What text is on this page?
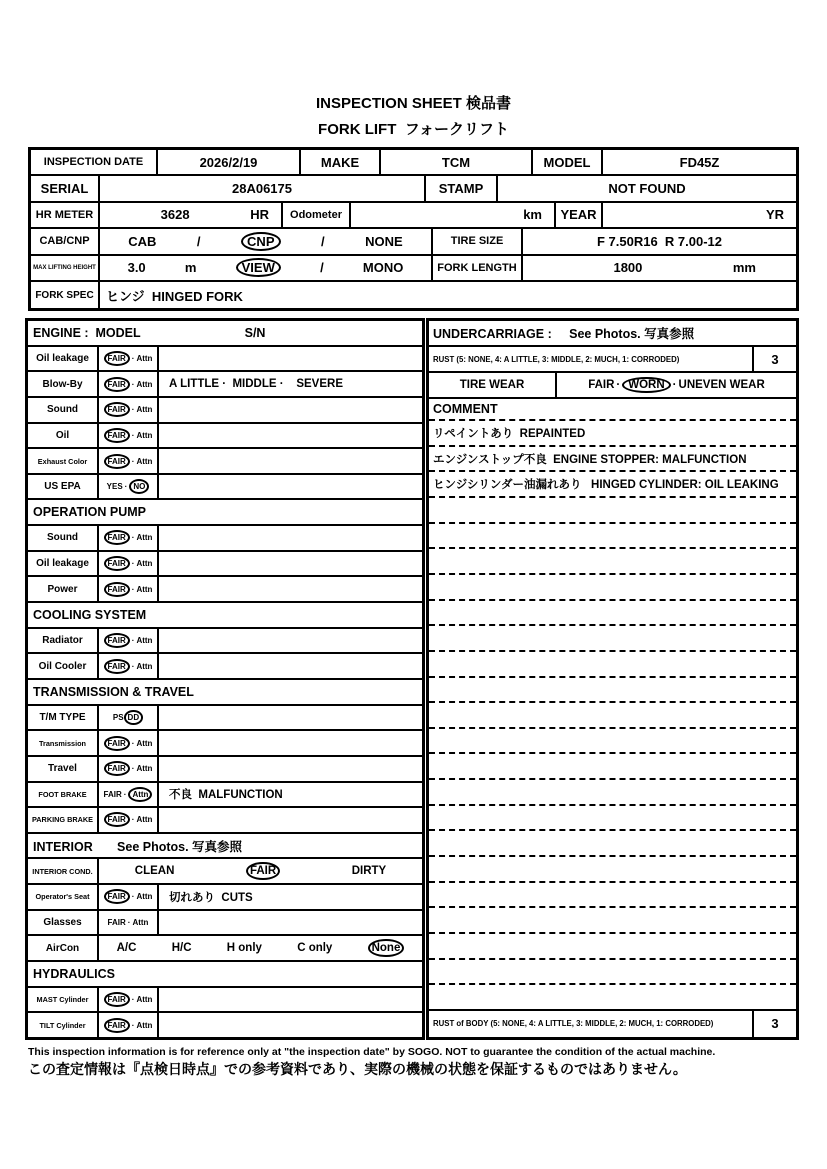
INSPECTION SHEET 検品書
FORK LIFT  フォークリフト
INSPECTION DATE	2026/2/19	MAKE	TCM	MODEL	FD45Z
SERIAL	28A06175	STAMP	NOT FOUND
HR METER	3628	HR	Odometer	km	YEAR	YR
CAB/CNP	CAB	/	CNP	/	NONE	TIRE SIZE	F 7.50R16  R 7.00-12
MAX LIFTING HEIGHT	3.0	m	VIEW	/	MONO	FORK LENGTH	1800	mm
FORK SPEC ヒンジ  HINGED FORK
ENGINE :  MODEL                              S/N
Oil leakage	FAIR · Attn
Blow-By	FAIR · Attn	A LITTLE ·  MIDDLE ·    SEVERE
Sound	FAIR · Attn
Oil	FAIR · Attn
Exhaust Color	FAIR · Attn
US EPA	YES · NO
OPERATION PUMP
Sound	FAIR · Attn
Oil leakage	FAIR · Attn
Power	FAIR · Attn
COOLING SYSTEM
Radiator	FAIR · Attn
Oil Cooler	FAIR · Attn
TRANSMISSION & TRAVEL
T/M TYPE	PS DD
Transmission	FAIR · Attn
Travel	FAIR · Attn
FOOT BRAKE	FAIR · Attn	不良  MALFUNCTION
PARKING BRAKE	FAIR · Attn
INTERIOR       See Photos. 写真参照
INTERIOR COND.	CLEAN	FAIR	DIRTY
Operator's Seat	FAIR · Attn	切れあり  CUTS
Glasses	FAIR · Attn
AirCon	A/C	H/C	H only	C only	None
HYDRAULICS
MAST Cylinder	FAIR · Attn
TILT Cylinder	FAIR · Attn
UNDERCARRIAGE :     See Photos. 写真参照
RUST (5: NONE, 4: A LITTLE, 3: MIDDLE, 2: MUCH, 1: CORRODED)	3
TIRE WEAR	FAIR · WORN · UNEVEN WEAR
COMMENT
リペイントあり  REPAINTED
エンジンストップ不良  ENGINE STOPPER: MALFUNCTION
ヒンジシリンダー油漏れあり   HINGED CYLINDER: OIL LEAKING
RUST of BODY (5: NONE, 4: A LITTLE, 3: MIDDLE, 2: MUCH, 1: CORRODED)	3
This inspection information is for reference only at "the inspection date" by SOGO. NOT to guarantee the condition of the actual machine.
この査定情報は『点検日時点』での参考資料であり、実際の機械の状態を保証するものではありません。
